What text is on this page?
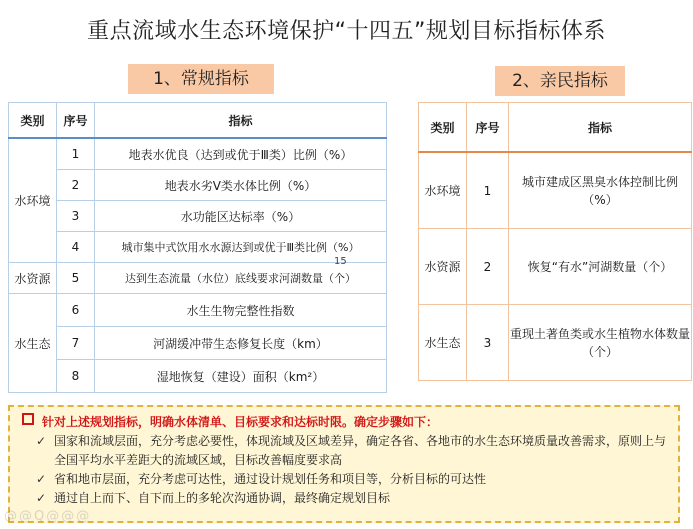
重点流域水生态环境保护“十四五”规划目标指标体系
1、常规指标	2、亲民指标
类别	序号	指标
水环境	1	地表水优良（达到或优于Ⅲ类）比例（%）
	2	地表水劣Ⅴ类水体比例（%）
	3	水功能区达标率（%）
	4	城市集中式饮用水水源达到或优于Ⅲ类比例（%）
水资源	5	达到生态流量（水位）底线要求河湖数量（个）
水生态	6	水生生物完整性指数
	7	河湖缓冲带生态修复长度（km）
	8	湿地恢复（建设）面积（km²）
15
类别	序号	指标
水环境	1	城市建成区黑臭水体控制比例（%）
水资源	2	恢复“有水”河湖数量（个）
水生态	3	重现土著鱼类或水生植物水体数量（个）
针对上述规划指标，明确水体清单、目标要求和达标时限。确定步骤如下：
✓ 国家和流域层面，充分考虑必要性，体现流域及区域差异，确定各省、各地市的水生态环境质量改善需求，原则上与全国平均水平差距大的流域区域，目标改善幅度要求高
✓ 省和地市层面，充分考虑可达性，通过设计规划任务和项目等，分析目标的可达性
✓ 通过自上而下、自下而上的多轮次沟通协调，最终确定规划目标
@@Q@@@
